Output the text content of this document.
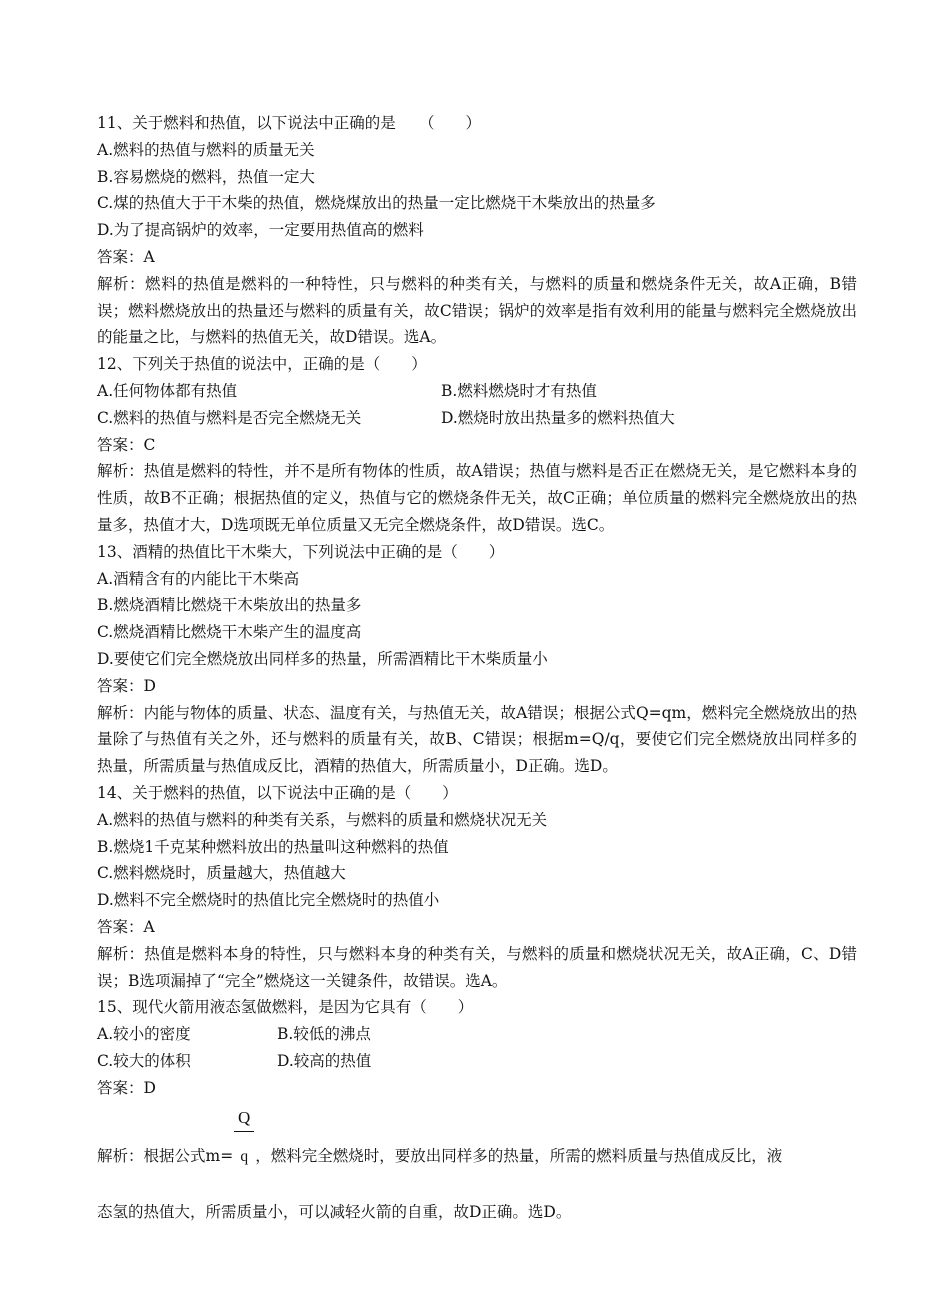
11、关于燃料和热值，以下说法中正确的是　　（　　）
A.燃料的热值与燃料的质量无关
B.容易燃烧的燃料，热值一定大
C.煤的热值大于干木柴的热值，燃烧煤放出的热量一定比燃烧干木柴放出的热量多
D.为了提高锅炉的效率，一定要用热值高的燃料
答案：A
解析：燃料的热值是燃料的一种特性，只与燃料的种类有关，与燃料的质量和燃烧条件无关，故A正确，B错误；燃料燃烧放出的热量还与燃料的质量有关，故C错误；锅炉的效率是指有效利用的能量与燃料完全燃烧放出的能量之比，与燃料的热值无关，故D错误。选A。
12、下列关于热值的说法中，正确的是（　　）
A.任何物体都有热值	B.燃料燃烧时才有热值
C.燃料的热值与燃料是否完全燃烧无关	D.燃烧时放出热量多的燃料热值大
答案：C
解析：热值是燃料的特性，并不是所有物体的性质，故A错误；热值与燃料是否正在燃烧无关，是它燃料本身的性质，故B不正确；根据热值的定义，热值与它的燃烧条件无关，故C正确；单位质量的燃料完全燃烧放出的热量多，热值才大，D选项既无单位质量又无完全燃烧条件，故D错误。选C。
13、酒精的热值比干木柴大，下列说法中正确的是（　　）
A.酒精含有的内能比干木柴高
B.燃烧酒精比燃烧干木柴放出的热量多
C.燃烧酒精比燃烧干木柴产生的温度高
D.要使它们完全燃烧放出同样多的热量，所需酒精比干木柴质量小
答案：D
解析：内能与物体的质量、状态、温度有关，与热值无关，故A错误；根据公式Q=qm，燃料完全燃烧放出的热量除了与热值有关之外，还与燃料的质量有关，故B、C错误；根据m=Q/q，要使它们完全燃烧放出同样多的热量，所需质量与热值成反比，酒精的热值大，所需质量小，D正确。选D。
14、关于燃料的热值，以下说法中正确的是（　　）
A.燃料的热值与燃料的种类有关系，与燃料的质量和燃烧状况无关
B.燃烧1千克某种燃料放出的热量叫这种燃料的热值
C.燃料燃烧时，质量越大，热值越大
D.燃料不完全燃烧时的热值比完全燃烧时的热值小
答案：A
解析：热值是燃料本身的特性，只与燃料本身的种类有关，与燃料的质量和燃烧状况无关，故A正确，C、D错误；B选项漏掉了“完全”燃烧这一关键条件，故错误。选A。
15、现代火箭用液态氢做燃料，是因为它具有（　　）
A.较小的密度	B.较低的沸点
C.较大的体积	D.较高的热值
答案：D
解析：根据公式$m= \frac{Q}{q}$，燃料完全燃烧时，要放出同样多的热量，所需的燃料质量与热值成反比，液
态氢的热值大，所需质量小，可以减轻火箭的自重，故D正确。选D。
